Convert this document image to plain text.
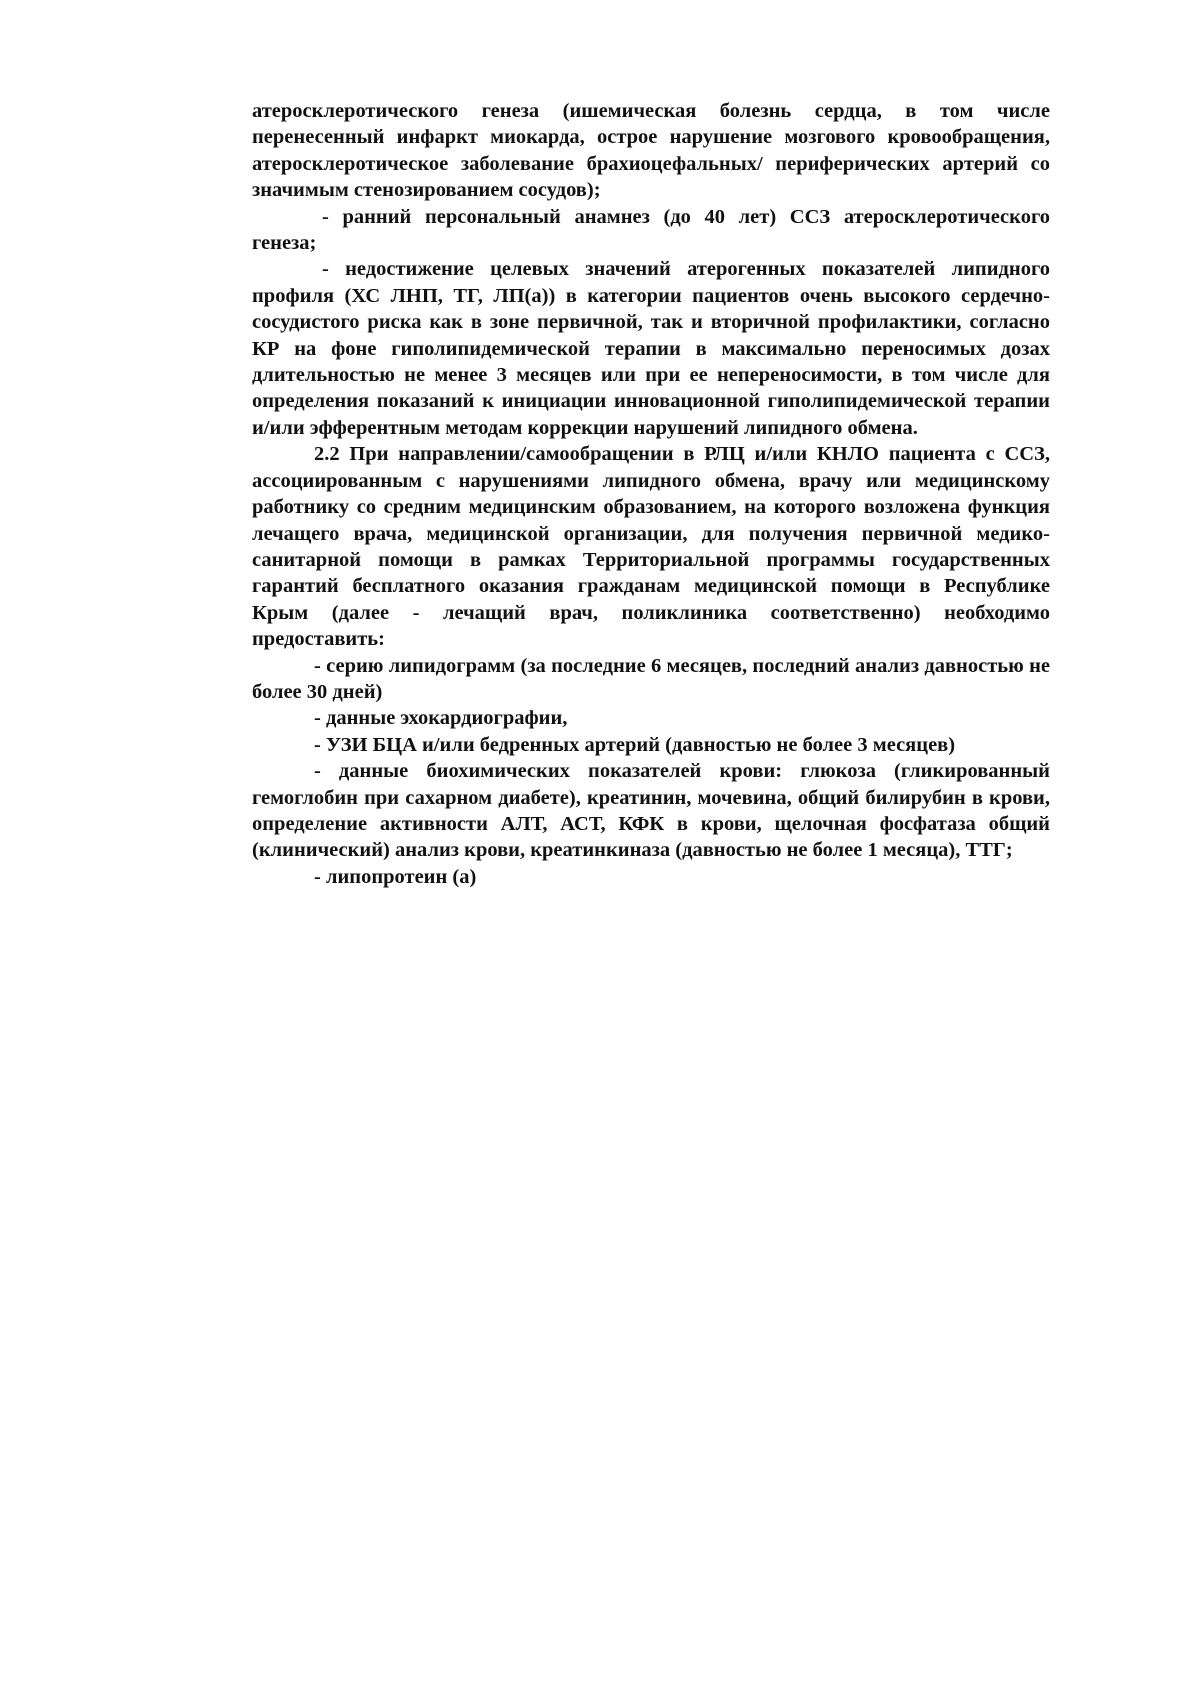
атеросклеротического генеза (ишемическая болезнь сердца, в том числе перенесенный инфаркт миокарда, острое нарушение мозгового кровообращения, атеросклеротическое заболевание брахиоцефальных/ периферических артерий со значимым стенозированием сосудов);

- ранний персональный анамнез (до 40 лет) ССЗ атеросклеротического генеза;

- недостижение целевых значений атерогенных показателей липидного профиля (ХС ЛНП, ТГ, ЛП(а)) в категории пациентов очень высокого сердечно- сосудистого риска как в зоне первичной, так и вторичной профилактики, согласно КР на фоне гиполипидемической терапии в максимально переносимых дозах длительностью не менее 3 месяцев или при ее непереносимости, в том числе для определения показаний к инициации инновационной гиполипидемической терапии и/или эфферентным методам коррекции нарушений липидного обмена.

2.2 При направлении/самообращении в РЛЦ и/или КНЛО пациента с ССЗ, ассоциированным с нарушениями липидного обмена, врачу или медицинскому работнику со средним медицинским образованием, на которого возложена функция лечащего врача, медицинской организации, для получения первичной медико-санитарной помощи в рамках Территориальной программы государственных гарантий бесплатного оказания гражданам медицинской помощи в Республике Крым (далее - лечащий врач, поликлиника соответственно) необходимо предоставить:

- серию липидограмм (за последние 6 месяцев, последний анализ давностью не более 30 дней)

- данные эхокардиографии,

- УЗИ БЦА и/или бедренных артерий (давностью не более 3 месяцев)

- данные биохимических показателей крови: глюкоза (гликированный гемоглобин при сахарном диабете), креатинин, мочевина, общий билирубин в крови, определение активности АЛТ, АСТ, КФК в крови, щелочная фосфатаза общий (клинический) анализ крови, креатинкиназа (давностью не более 1 месяца), ТТГ;

- липопротеин (а)
